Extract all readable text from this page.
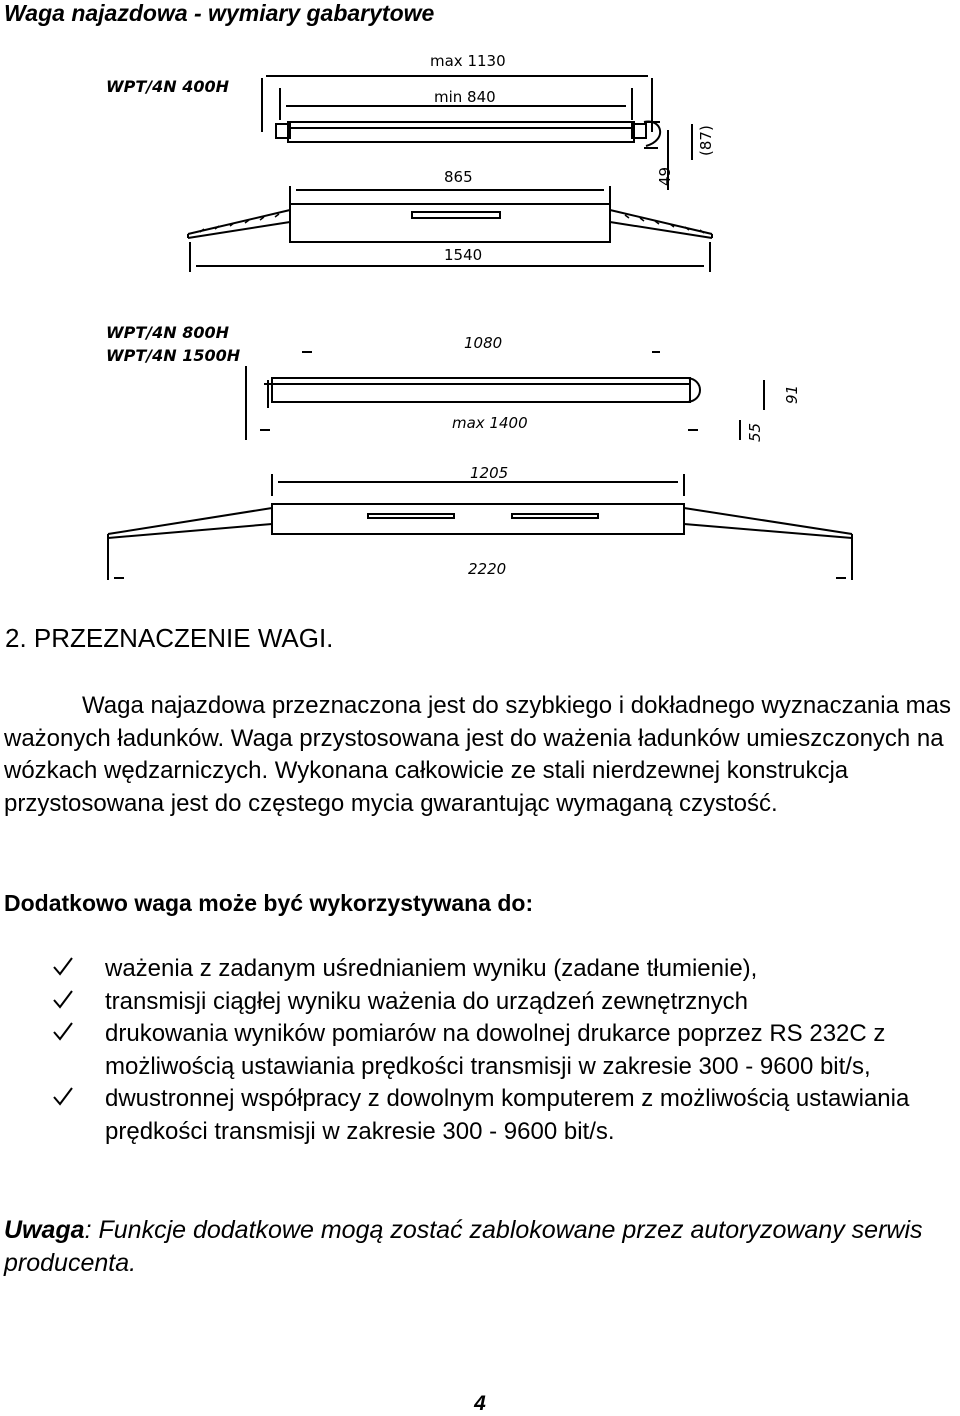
Waga najazdowa - wymiary gabarytowe
WPT/4N 400H
max 1130
min 840
865
1540
(87)
49
WPT/4N 800H
WPT/4N 1500H
1080
max 1400
1205
2220
91
55
2. PRZEZNACZENIE WAGI.

Waga najazdowa przeznaczona jest do szybkiego i dokładnego wyznaczania mas ważonych ładunków. Waga przystosowana jest do ważenia ładunków umieszczonych na wózkach wędzarniczych. Wykonana całkowicie ze stali nierdzewnej konstrukcja przystosowana jest do częstego mycia gwarantując wymaganą czystość.

Dodatkowo waga może być wykorzystywana do:
ważenia z zadanym uśrednianiem wyniku (zadane tłumienie),
transmisji ciągłej wyniku ważenia do urządzeń zewnętrznych
drukowania wyników pomiarów na dowolnej drukarce poprzez RS 232C z możliwością ustawiania prędkości transmisji w zakresie 300 - 9600 bit/s,
dwustronnej współpracy z dowolnym komputerem z możliwością ustawiania prędkości transmisji w zakresie 300 - 9600 bit/s.

Uwaga: Funkcje dodatkowe mogą zostać zablokowane przez autoryzowany serwis producenta.

4
